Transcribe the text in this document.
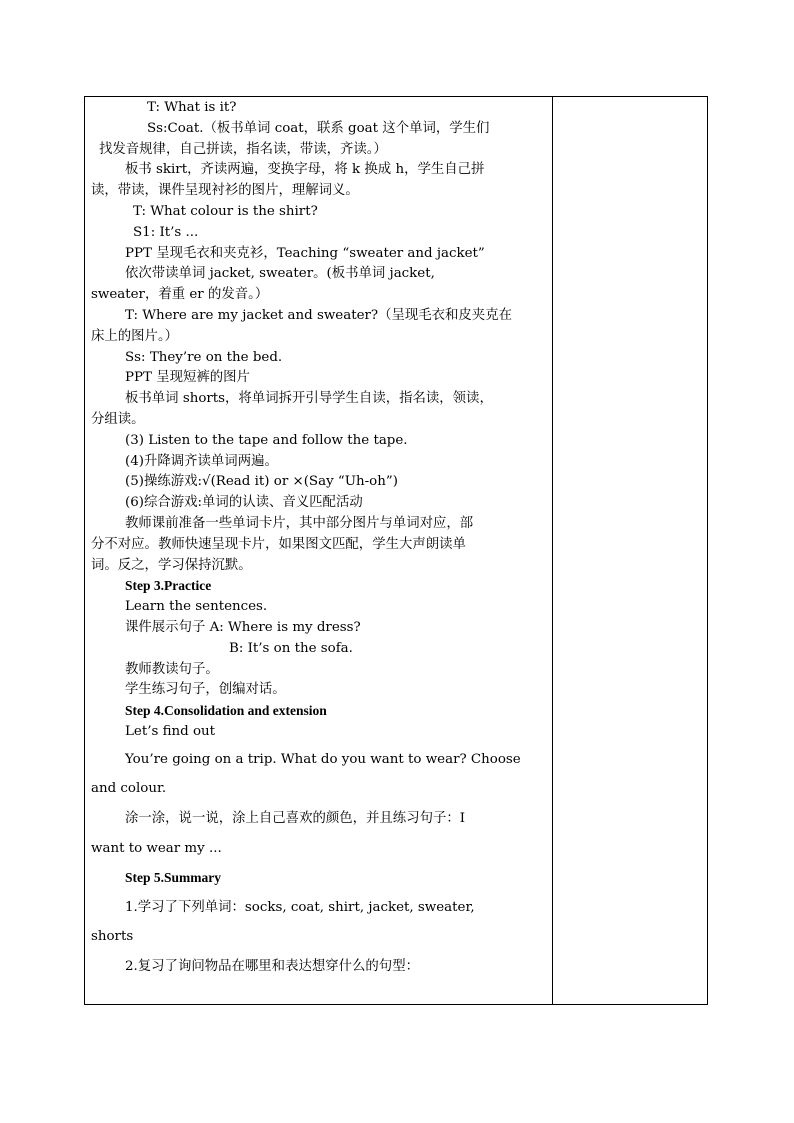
T: What is it?
Ss:Coat.（板书单词 coat，联系 goat 这个单词，学生们
找发音规律，自己拼读，指名读，带读，齐读。）
板书 skirt，齐读两遍，变换字母，将 k 换成 h，学生自己拼
读，带读，课件呈现衬衫的图片，理解词义。
T: What colour is the shirt?
S1: It’s ...
PPT 呈现毛衣和夹克衫，Teaching “sweater and jacket”
依次带读单词 jacket, sweater。(板书单词 jacket,
sweater，着重 er 的发音。）
T: Where are my jacket and sweater?（呈现毛衣和皮夹克在
床上的图片。）
Ss: They’re on the bed.
PPT 呈现短裤的图片
板书单词 shorts，将单词拆开引导学生自读，指名读，领读，
分组读。
(3) Listen to the tape and follow the tape.
(4)升降调齐读单词两遍。
(5)操练游戏:√(Read it) or ×(Say “Uh-oh”)
(6)综合游戏:单词的认读、音义匹配活动
教师课前准备一些单词卡片，其中部分图片与单词对应，部
分不对应。教师快速呈现卡片，如果图文匹配，学生大声朗读单
词。反之，学习保持沉默。
Step 3.Practice
Learn the sentences.
课件展示句子 A: Where is my dress?
B: It’s on the sofa.
教师教读句子。
学生练习句子，创编对话。
Step 4.Consolidation and extension
Let’s find out
You’re going on a trip. What do you want to wear? Choose
and colour.
涂一涂，说一说，涂上自己喜欢的颜色，并且练习句子：I
want to wear my ...
Step 5.Summary
1.学习了下列单词：socks, coat, shirt, jacket, sweater,
shorts
2.复习了询问物品在哪里和表达想穿什么的句型：
